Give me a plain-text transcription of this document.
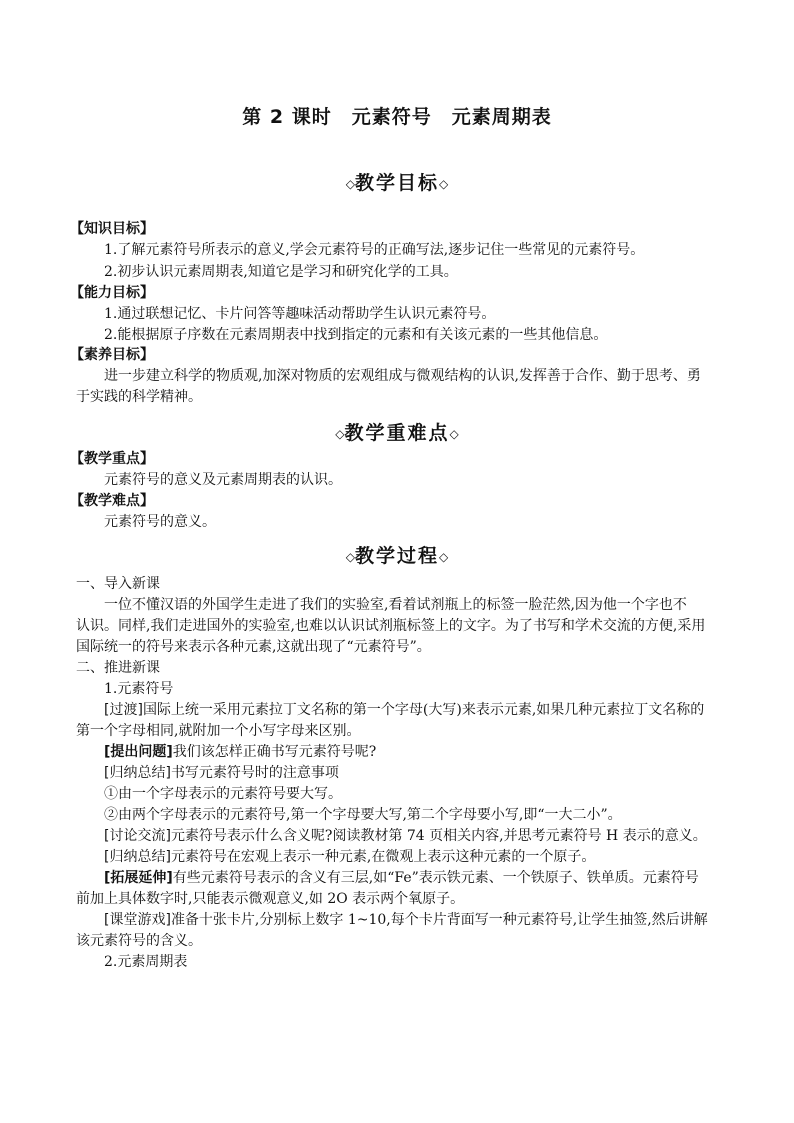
第 2 课时　元素符号　元素周期表
◇教学目标◇
【知识目标】
1.了解元素符号所表示的意义,学会元素符号的正确写法,逐步记住一些常见的元素符号。
2.初步认识元素周期表,知道它是学习和研究化学的工具。
【能力目标】
1.通过联想记忆、卡片问答等趣味活动帮助学生认识元素符号。
2.能根据原子序数在元素周期表中找到指定的元素和有关该元素的一些其他信息。
【素养目标】
进一步建立科学的物质观,加深对物质的宏观组成与微观结构的认识,发挥善于合作、勤于思考、勇
于实践的科学精神。
◇教学重难点◇
【教学重点】
元素符号的意义及元素周期表的认识。
【教学难点】
元素符号的意义。
◇教学过程◇
一、导入新课
一位不懂汉语的外国学生走进了我们的实验室,看着试剂瓶上的标签一脸茫然,因为他一个字也不
认识。同样,我们走进国外的实验室,也难以认识试剂瓶标签上的文字。为了书写和学术交流的方便,采用
国际统一的符号来表示各种元素,这就出现了“元素符号”。
二、推进新课
1.元素符号
[过渡]国际上统一采用元素拉丁文名称的第一个字母(大写)来表示元素,如果几种元素拉丁文名称的
第一个字母相同,就附加一个小写字母来区别。
[提出问题]我们该怎样正确书写元素符号呢?
[归纳总结]书写元素符号时的注意事项
①由一个字母表示的元素符号要大写。
②由两个字母表示的元素符号,第一个字母要大写,第二个字母要小写,即“一大二小”。
[讨论交流]元素符号表示什么含义呢?阅读教材第 74 页相关内容,并思考元素符号 H 表示的意义。
[归纳总结]元素符号在宏观上表示一种元素,在微观上表示这种元素的一个原子。
[拓展延伸]有些元素符号表示的含义有三层,如“Fe”表示铁元素、一个铁原子、铁单质。元素符号
前加上具体数字时,只能表示微观意义,如 2O 表示两个氧原子。
[课堂游戏]准备十张卡片,分别标上数字 1~10,每个卡片背面写一种元素符号,让学生抽签,然后讲解
该元素符号的含义。
2.元素周期表
